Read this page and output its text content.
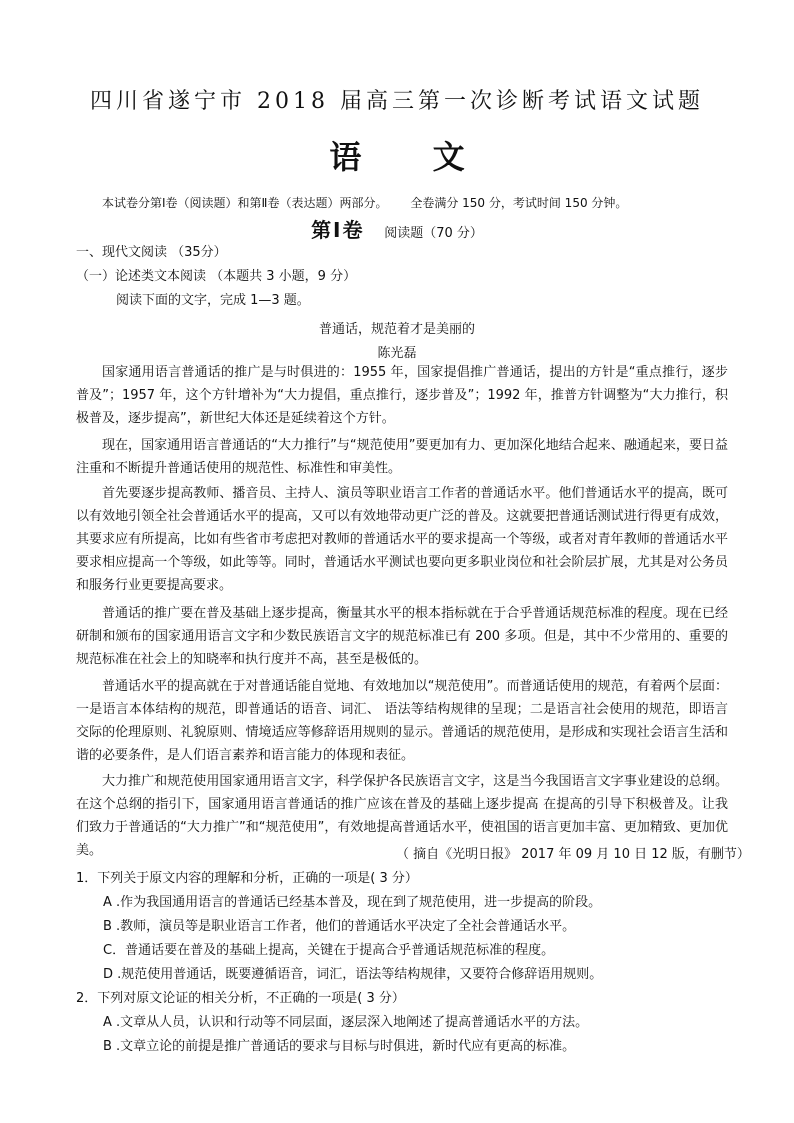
四川省遂宁市 2018 届高三第一次诊断考试语文试题
语 文
本试卷分第Ⅰ卷（阅读题）和第Ⅱ卷（表达题）两部分。      全卷满分 150 分，考试时间 150 分钟。
第Ⅰ卷 阅读题（70 分）
一、现代文阅读 （35分）
（一）论述类文本阅读 （本题共 3 小题，9 分）
阅读下面的文字，完成 1—3 题。
普通话，规范着才是美丽的
陈光磊
国家通用语言普通话的推广是与时俱进的：1955 年，国家提倡推广普通话，提出的方针是“重点推行，逐步普及”；1957 年，这个方针增补为“大力提倡，重点推行，逐步普及”；1992 年，推普方针调整为“大力推行，积极普及，逐步提高”，新世纪大体还是延续着这个方针。
现在，国家通用语言普通话的“大力推行”与“规范使用”要更加有力、更加深化地结合起来、融通起来，要日益注重和不断提升普通话使用的规范性、标准性和审美性。
首先要逐步提高教师、播音员、主持人、演员等职业语言工作者的普通话水平。他们普通话水平的提高，既可以有效地引领全社会普通话水平的提高，又可以有效地带动更广泛的普及。这就要把普通话测试进行得更有成效，其要求应有所提高，比如有些省市考虑把对教师的普通话水平的要求提高一个等级，或者对青年教师的普通话水平要求相应提高一个等级，如此等等。同时，普通话水平测试也要向更多职业岗位和社会阶层扩展，尤其是对公务员和服务行业更要提高要求。
普通话的推广要在普及基础上逐步提高，衡量其水平的根本指标就在于合乎普通话规范标准的程度。现在已经研制和颁布的国家通用语言文字和少数民族语言文字的规范标准已有 200 多项。但是，其中不少常用的、重要的规范标准在社会上的知晓率和执行度并不高，甚至是极低的。
普通话水平的提高就在于对普通话能自觉地、有效地加以“规范使用”。而普通话使用的规范，有着两个层面：一是语言本体结构的规范，即普通话的语音、词汇、 语法等结构规律的呈现；二是语言社会使用的规范，即语言交际的伦理原则、礼貌原则、情境适应等修辞语用规则的显示。普通话的规范使用，是形成和实现社会语言生活和谐的必要条件，是人们语言素养和语言能力的体现和表征。
大力推广和规范使用国家通用语言文字，科学保护各民族语言文字，这是当今我国语言文字事业建设的总纲。在这个总纲的指引下，国家通用语言普通话的推广应该在普及的基础上逐步提高 在提高的引导下积极普及。让我们致力于普通话的“大力推广”和“规范使用”，有效地提高普通话水平，使祖国的语言更加丰富、更加精致、更加优美。	（ 摘自《光明日报》 2017 年 09 月 10 日 12 版，有删节）
1．下列关于原文内容的理解和分析，正确的一项是( 3 分）
A .作为我国通用语言的普通话已经基本普及，现在到了规范使用，进一步提高的阶段。
B .教师，演员等是职业语言工作者，他们的普通话水平决定了全社会普通话水平。
C．普通话要在普及的基础上提高，关键在于提高合乎普通话规范标准的程度。
D .规范使用普通话，既要遵循语音，词汇，语法等结构规律，又要符合修辞语用规则。
2．下列对原文论证的相关分析，不正确的一项是( 3 分）
A .文章从人员，认识和行动等不同层面，逐层深入地阐述了提高普通话水平的方法。
B .文章立论的前提是推广普通话的要求与目标与时俱进，新时代应有更高的标准。
